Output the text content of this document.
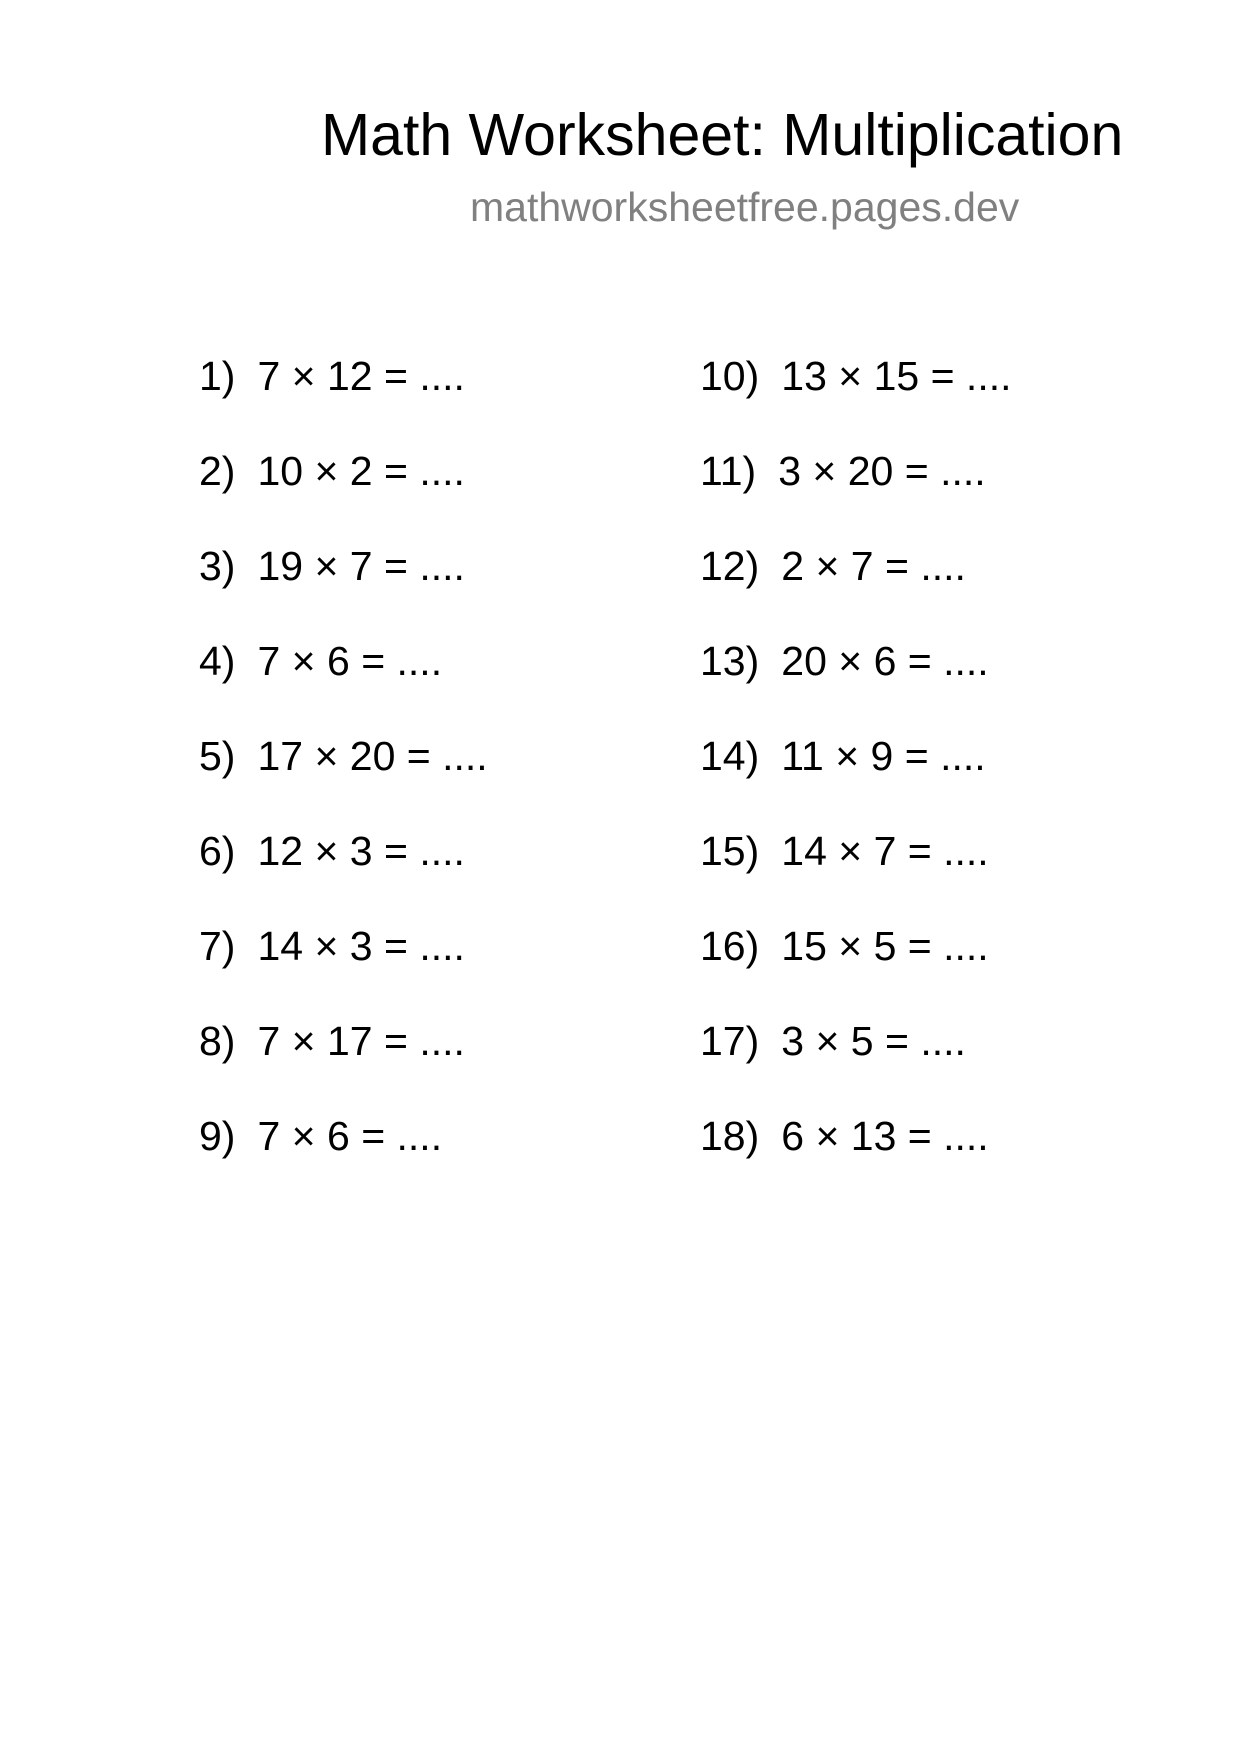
Math Worksheet: Multiplication
mathworksheetfree.pages.dev
1) 7 × 12 = ....
2) 10 × 2 = ....
3) 19 × 7 = ....
4) 7 × 6 = ....
5) 17 × 20 = ....
6) 12 × 3 = ....
7) 14 × 3 = ....
8) 7 × 17 = ....
9) 7 × 6 = ....
10) 13 × 15 = ....
11) 3 × 20 = ....
12) 2 × 7 = ....
13) 20 × 6 = ....
14) 11 × 9 = ....
15) 14 × 7 = ....
16) 15 × 5 = ....
17) 3 × 5 = ....
18) 6 × 13 = ....
